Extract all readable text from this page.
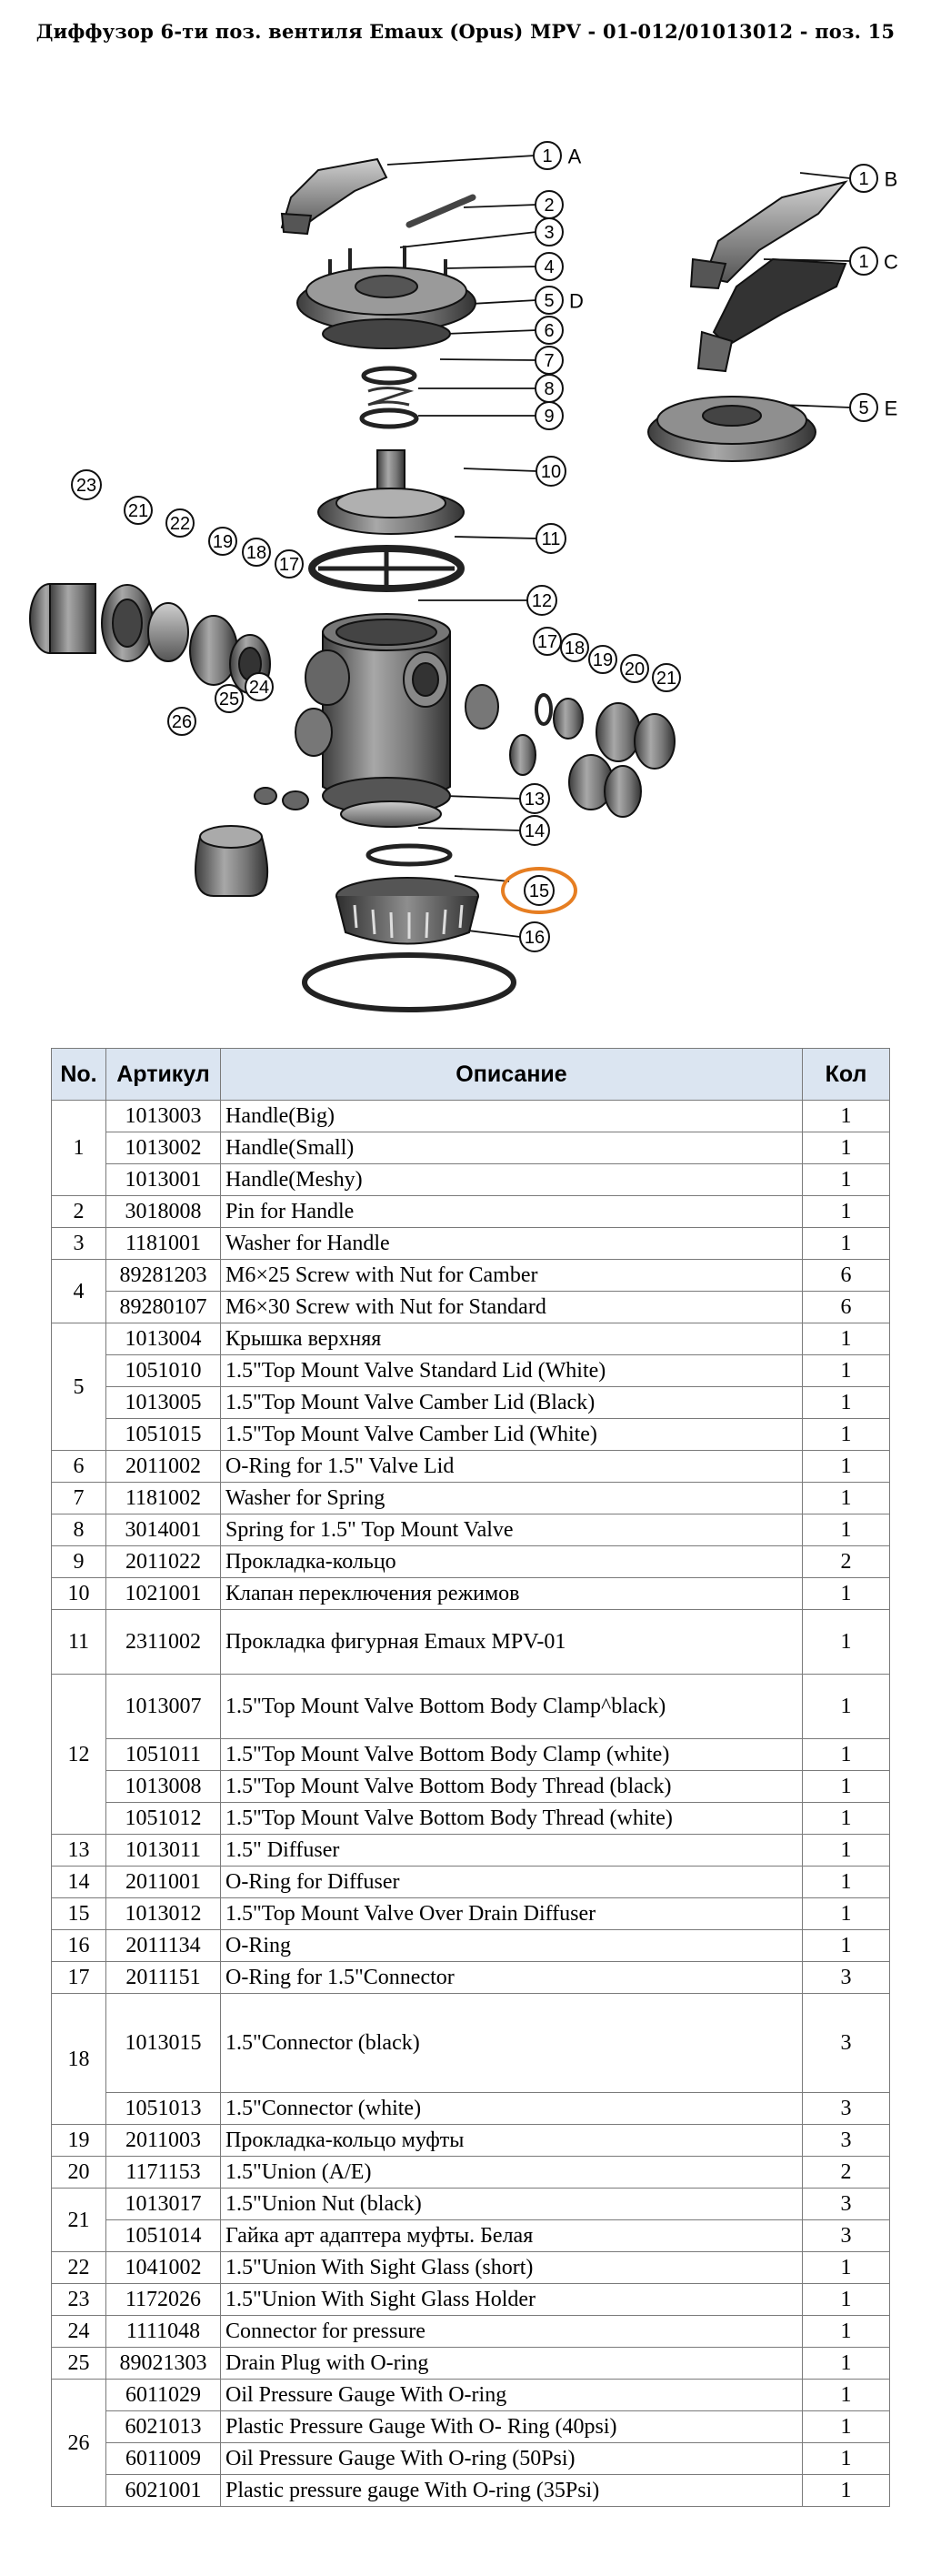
Диффузор 6-ти поз. вентиля Emaux (Opus) MPV - 01-012/01013012 - поз. 15
1 A
2
3
4
5 D
6
7
8
9
10
11
12
13
14
15
16
17 18
19 20 21
23
21
22
19
18
17
24
25
26
1 B
1 C
5 E
No.	Артикул	Описание	Кол
1	1013003	Handle(Big)	1
	1013002	Handle(Small)	1
	1013001	Handle(Meshy)	1
2	3018008	Pin for Handle	1
3	1181001	Washer for Handle	1
4	89281203	M6×25 Screw with Nut for Camber	6
	89280107	M6×30 Screw with Nut for Standard	6
5	1013004	Крышка верхняя	1
	1051010	1.5"Top Mount Valve Standard Lid (White)	1
	1013005	1.5"Top Mount Valve Camber Lid (Black)	1
	1051015	1.5"Top Mount Valve Camber Lid (White)	1
6	2011002	O-Ring for 1.5" Valve Lid	1
7	1181002	Washer for Spring	1
8	3014001	Spring for 1.5" Top Mount Valve	1
9	2011022	Прокладка-кольцо	2
10	1021001	Клапан переключения режимов	1
11	2311002	Прокладка фигурная Emaux MPV-01	1
12	1013007	1.5"Top Mount Valve Bottom Body Clamp^black)	1
	1051011	1.5"Top Mount Valve Bottom Body Clamp (white)	1
	1013008	1.5"Top Mount Valve Bottom Body Thread (black)	1
	1051012	1.5"Top Mount Valve Bottom Body Thread (white)	1
13	1013011	1.5" Diffuser	1
14	2011001	O-Ring for Diffuser	1
15	1013012	1.5"Top Mount Valve Over Drain Diffuser	1
16	2011134	O-Ring	1
17	2011151	O-Ring for 1.5"Connector	3
18	1013015	1.5"Connector (black)	3
	1051013	1.5"Connector (white)	3
19	2011003	Прокладка-кольцо муфты	3
20	1171153	1.5"Union (A/E)	2
21	1013017	1.5"Union Nut (black)	3
	1051014	Гайка арт адаптера муфты. Белая	3
22	1041002	1.5"Union With Sight Glass (short)	1
23	1172026	1.5"Union With Sight Glass Holder	1
24	1111048	Connector for pressure	1
25	89021303	Drain Plug with O-ring	1
26	6011029	Oil Pressure Gauge With O-ring	1
	6021013	Plastic Pressure Gauge With O- Ring (40psi)	1
	6011009	Oil Pressure Gauge With O-ring (50Psi)	1
	6021001	Plastic pressure gauge With O-ring (35Psi)	1
